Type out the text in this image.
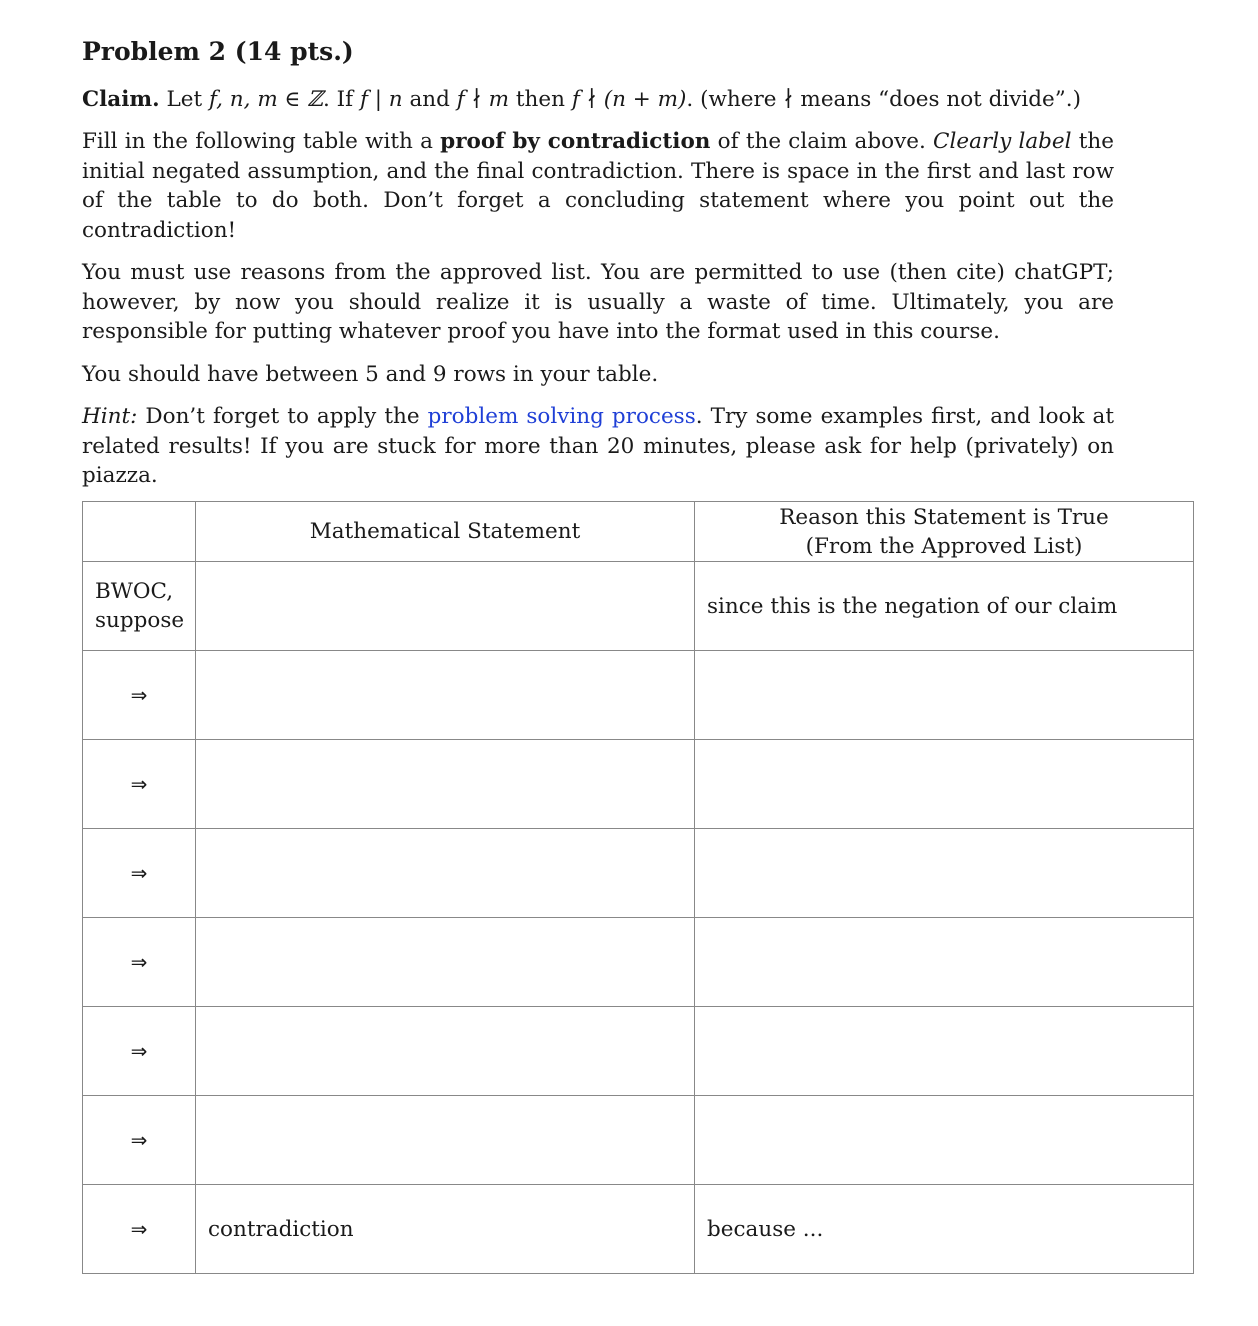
Problem 2 (14 pts.)

Claim. Let f, n, m ∈ ℤ. If f | n and f ∤ m then f ∤ (n + m). (where ∤ means “does not divide”.)

Fill in the following table with a proof by contradiction of the claim above. Clearly label the initial negated assumption, and the final contradiction. There is space in the first and last row of the table to do both. Don’t forget a concluding statement where you point out the contradiction!

You must use reasons from the approved list. You are permitted to use (then cite) chatGPT; however, by now you should realize it is usually a waste of time. Ultimately, you are responsible for putting whatever proof you have into the format used in this course.

You should have between 5 and 9 rows in your table.

Hint: Don’t forget to apply the problem solving process. Try some examples first, and look at related results! If you are stuck for more than 20 minutes, please ask for help (privately) on piazza.

	Mathematical Statement	Reason this Statement is True
(From the Approved List)

BWOC,
suppose		since this is the negation of our claim
⇒		
⇒		
⇒		
⇒		
⇒		
⇒		
⇒	contradiction	because ...
